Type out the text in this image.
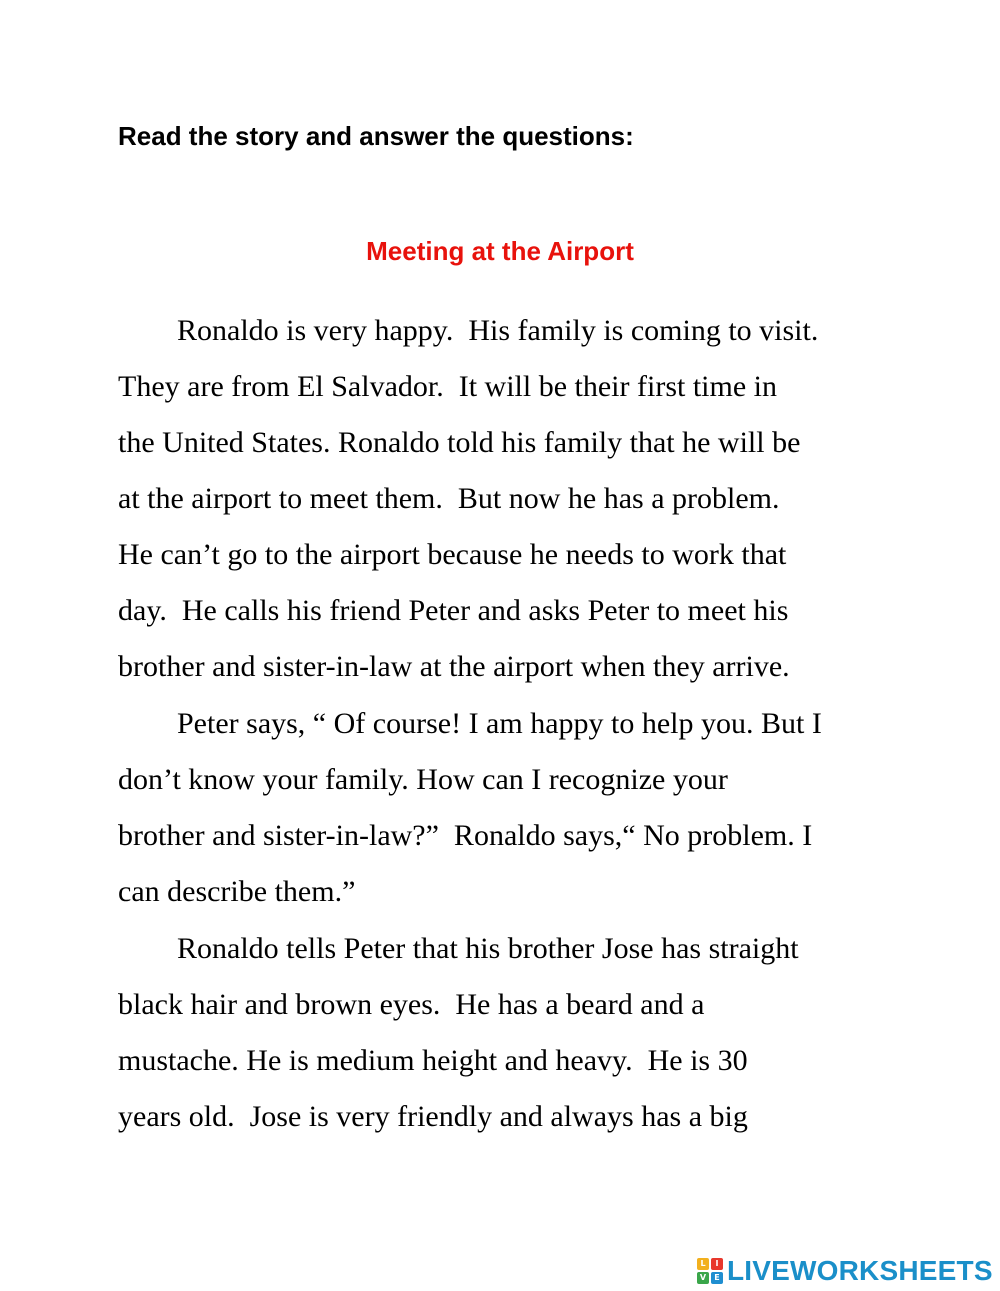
Read the story and answer the questions:

Meeting at the Airport

Ronaldo is very happy.  His family is coming to visit.

They are from El Salvador.  It will be their first time in

the United States. Ronaldo told his family that he will be

at the airport to meet them.  But now he has a problem.

He can’t go to the airport because he needs to work that

day.  He calls his friend Peter and asks Peter to meet his

brother and sister-in-law at the airport when they arrive.

Peter says, “ Of course! I am happy to help you. But I

don’t know your family. How can I recognize your

brother and sister-in-law?”  Ronaldo says,“ No problem. I

can describe them.”

Ronaldo tells Peter that his brother Jose has straight

black hair and brown eyes.  He has a beard and a

mustache. He is medium height and heavy.  He is 30

years old.  Jose is very friendly and always has a big

L	I
V	E LIVEWORKSHEETS
